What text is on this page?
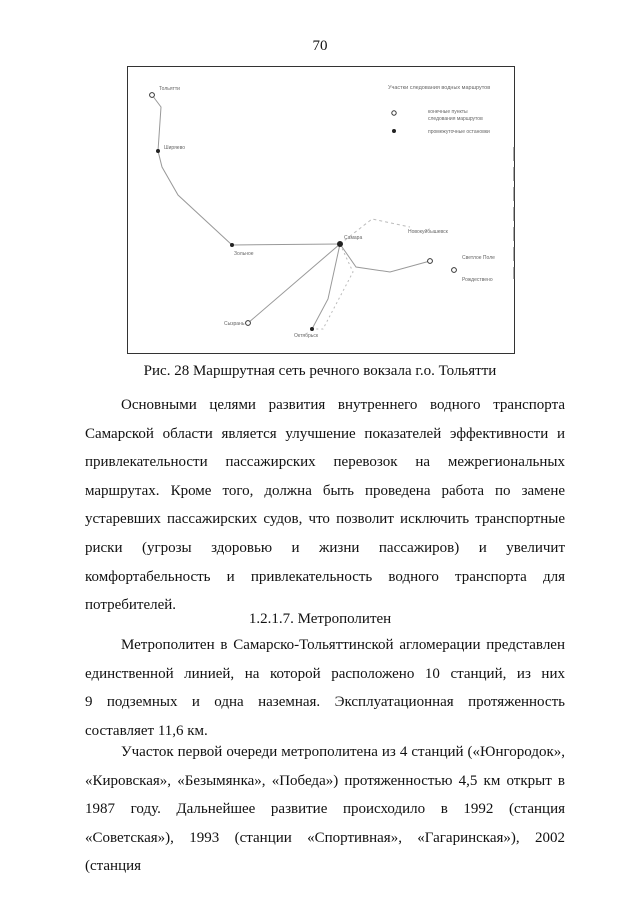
70
Тольятти
Ширяево
Зольное
Самара
Новокуйбышевск
Светлое Поле
Рождествено
Сызрань
Октябрьск
Участки следования водных маршрутов
конечные пункты
следования маршрутов
промежуточные остановки
Рис. 28 Маршрутная сеть речного вокзала г.о. Тольятти
Основными целями развития внутреннего водного транспорта
Самарской области является улучшение показателей эффективности и
привлекательности пассажирских перевозок на межрегиональных
маршрутах. Кроме того, должна быть проведена работа по замене
устаревших пассажирских судов, что позволит исключить транспортные
риски (угрозы здоровью и жизни пассажиров) и увеличит
комфортабельность и привлекательность водного транспорта для
потребителей.
1.2.1.7. Метрополитен
Метрополитен в Самарско-Тольяттинской агломерации представлен
единственной линией, на которой расположено 10 станций, из них
9 подземных и одна наземная. Эксплуатационная протяженность
составляет 11,6 км.
Участок первой очереди метрополитена из 4 станций («Юнгородок»,
«Кировская», «Безымянка», «Победа») протяженностью 4,5 км открыт в
1987 году. Дальнейшее развитие происходило в 1992 (станция
«Советская»), 1993 (станции «Спортивная», «Гагаринская»), 2002 (станция
